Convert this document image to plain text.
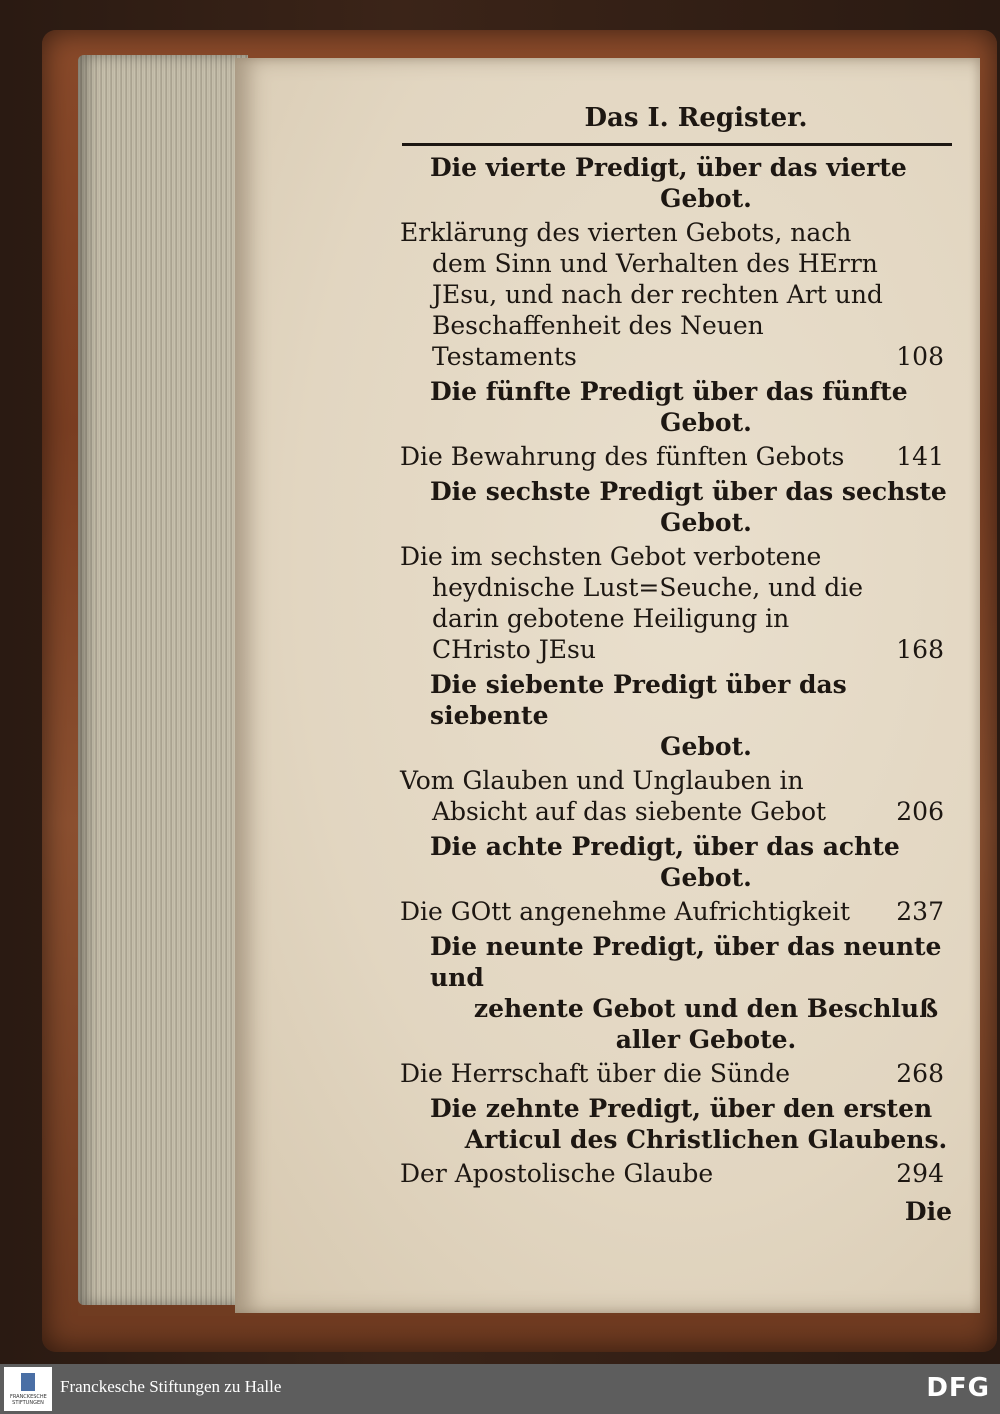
Das I. Register.
Die vierte Predigt, über das vierte
Gebot.
Erklärung des vierten Gebots, nach dem Sinn und Verhalten des HErrn JEsu, und nach der rechten Art und Beschaffenheit des Neuen Testaments	108
Die fünfte Predigt über das fünfte
Gebot.
Die Bewahrung des fünften Gebots	141
Die sechste Predigt über das sechste
Gebot.
Die im sechsten Gebot verbotene heydnische Lust=Seuche, und die darin gebotene Heiligung in CHristo JEsu	168
Die siebente Predigt über das siebente
Gebot.
Vom Glauben und Unglauben in Absicht auf das siebente Gebot	206
Die achte Predigt, über das achte
Gebot.
Die GOtt angenehme Aufrichtigkeit	237
Die neunte Predigt, über das neunte und
zehente Gebot und den Beschluß aller Gebote.
Die Herrschaft über die Sünde	268
Die zehnte Predigt, über den ersten
Articul des Christlichen Glaubens.
Der Apostolische Glaube	294
Die
FRANCKESCHE STIFTUNGEN
Franckesche Stiftungen zu Halle	DFG
